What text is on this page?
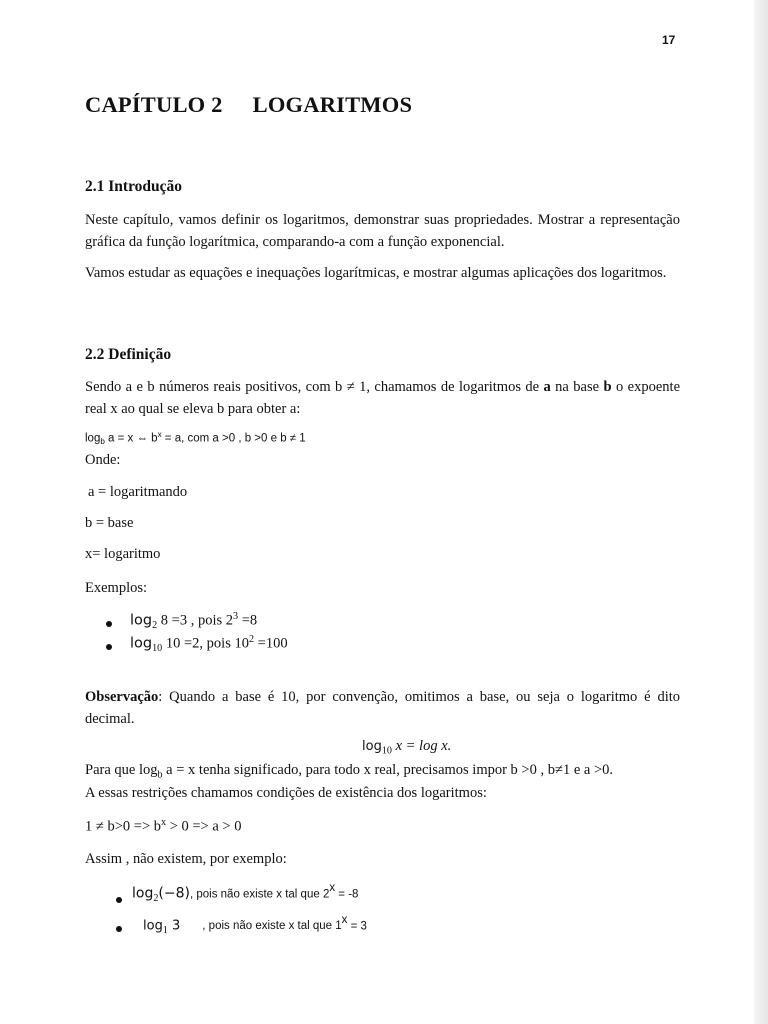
17
CAPÍTULO 2 LOGARITMOS
2.1 Introdução
Neste capítulo, vamos definir os logaritmos, demonstrar suas propriedades. Mostrar a representação gráfica da função logarítmica, comparando-a com a função exponencial.
Vamos estudar as equações e inequações logarítmicas, e mostrar algumas aplicações dos logaritmos.
2.2 Definição
Sendo a e b números reais positivos, com b ≠ 1, chamamos de logaritmos de a na base b o expoente real x ao qual se eleva b para obter a:
$\log_b a = x$ ⇔ $b^x = a$, com a >0 , b >0 e b ≠ 1
Onde:
a = logaritmando
b = base
x= logaritmo
Exemplos:
$\log_2 8 =3$ , pois $2^3 =8$
$\log_{10} 10 =2$, pois $10^2 =100$
Observação: Quando a base é 10, por convenção, omitimos a base, ou seja o logaritmo é dito decimal.
$\log_{10} x = \log x$.
Para que $\log_b a = x$ tenha significado, para todo x real, precisamos impor b >0 , b≠1 e a >0.
A essas restrições chamamos condições de existência dos logaritmos:
$1 \ne b>0 => b^x > 0 => a > 0$
Assim , não existem, por exemplo:
$\log_2(-8)$, pois não existe x tal que $2^x = -8$
$\log_1 3$ , pois não existe x tal que $1^x = 3$
